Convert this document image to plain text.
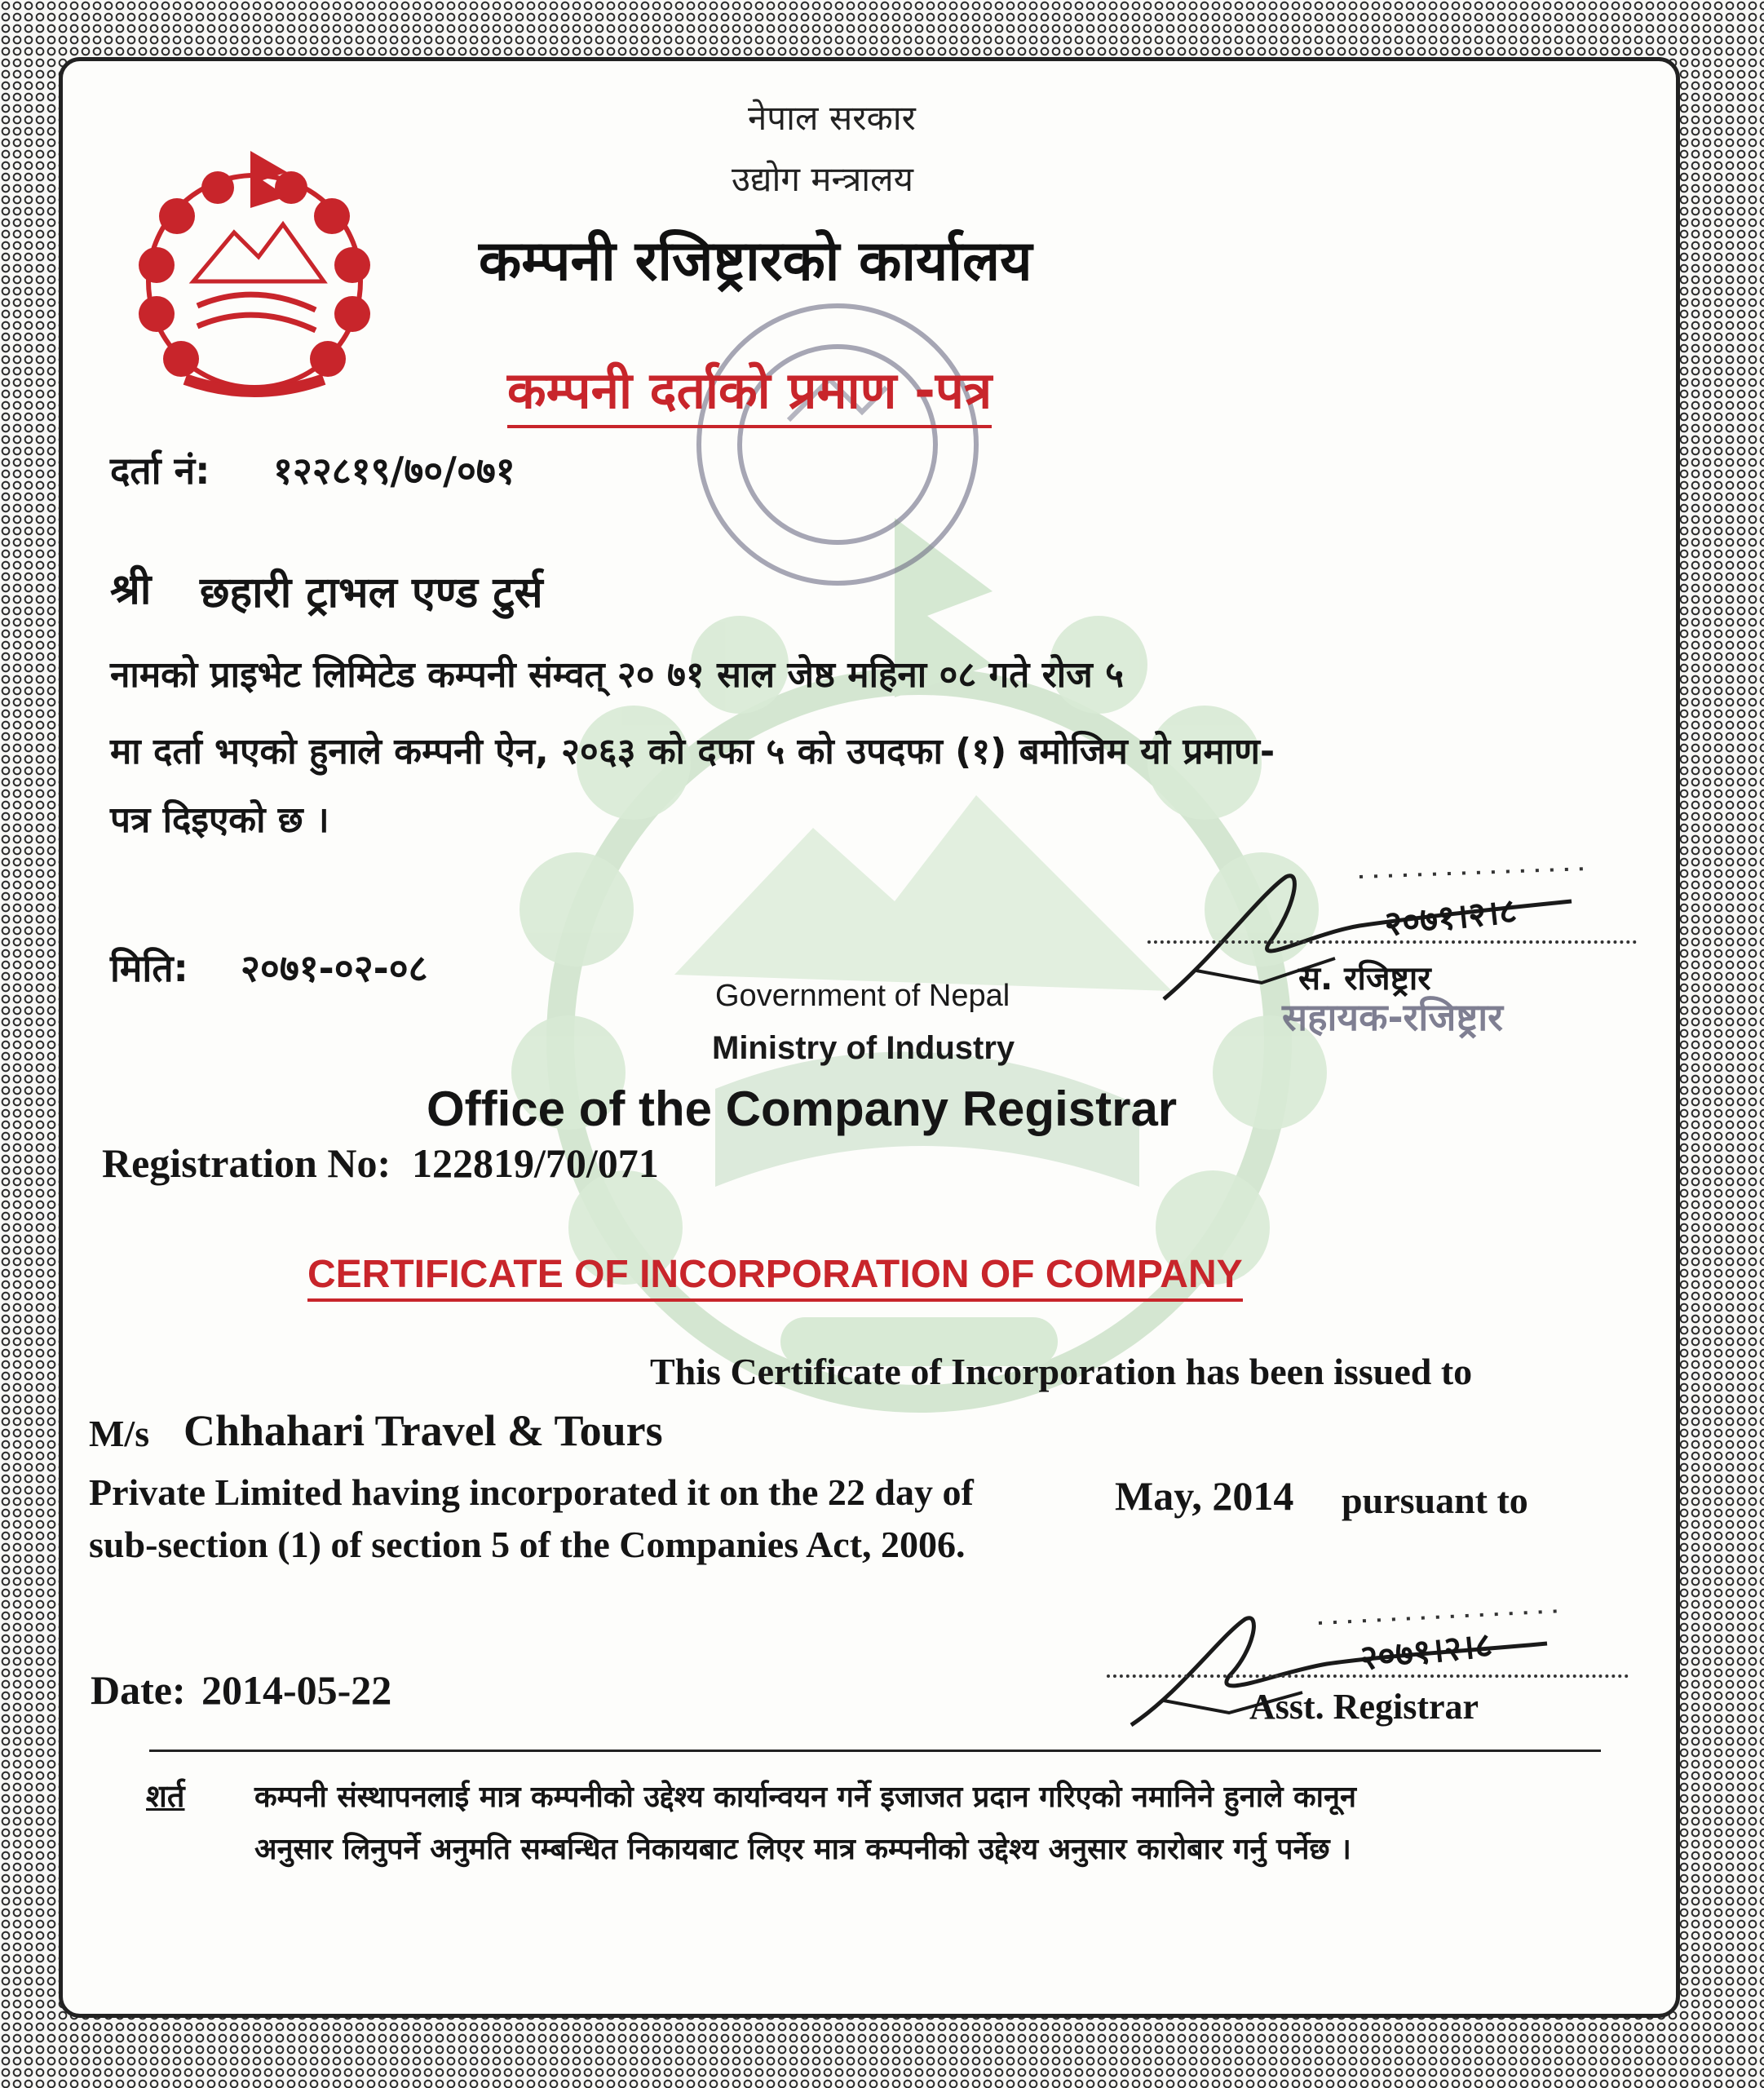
नेपाल सरकार
उद्योग मन्त्रालय
कम्पनी रजिष्ट्रारको कार्यालय
कम्पनी दर्ताको प्रमाण -पत्र
दर्ता नं: १२२८१९/७०/०७१
श्री छहारी ट्राभल एण्ड टुर्स
नामको प्राइभेट लिमिटेड कम्पनी संम्वत् २० ७१ साल जेष्ठ महिना ०८ गते रोज ५
मा दर्ता भएको हुनाले कम्पनी ऐन, २०६३ को दफा ५ को उपदफा (१) बमोजिम यो प्रमाण-
पत्र दिइएको छ ।
मिति: २०७१-०२-०८
२०७१।२।८
स. रजिष्ट्रार
सहायक-रजिष्ट्रार
Government of Nepal
Ministry of Industry
Office of the Company Registrar
Registration No: 122819/70/071
CERTIFICATE OF INCORPORATION OF COMPANY
This Certificate of Incorporation has been issued to
M/s Chhahari Travel & Tours
Private Limited having incorporated it on the 22 day of	May, 2014 pursuant to
sub-section (1) of section 5 of the Companies Act, 2006.
Date: 2014-05-22
२०७१।२।८
Asst. Registrar
शर्त कम्पनी संस्थापनलाई मात्र कम्पनीको उद्देश्य कार्यान्वयन गर्ने इजाजत प्रदान गरिएको नमानिने हुनाले कानून
अनुसार लिनुपर्ने अनुमति सम्बन्धित निकायबाट लिएर मात्र कम्पनीको उद्देश्य अनुसार कारोबार गर्नु पर्नेछ ।
